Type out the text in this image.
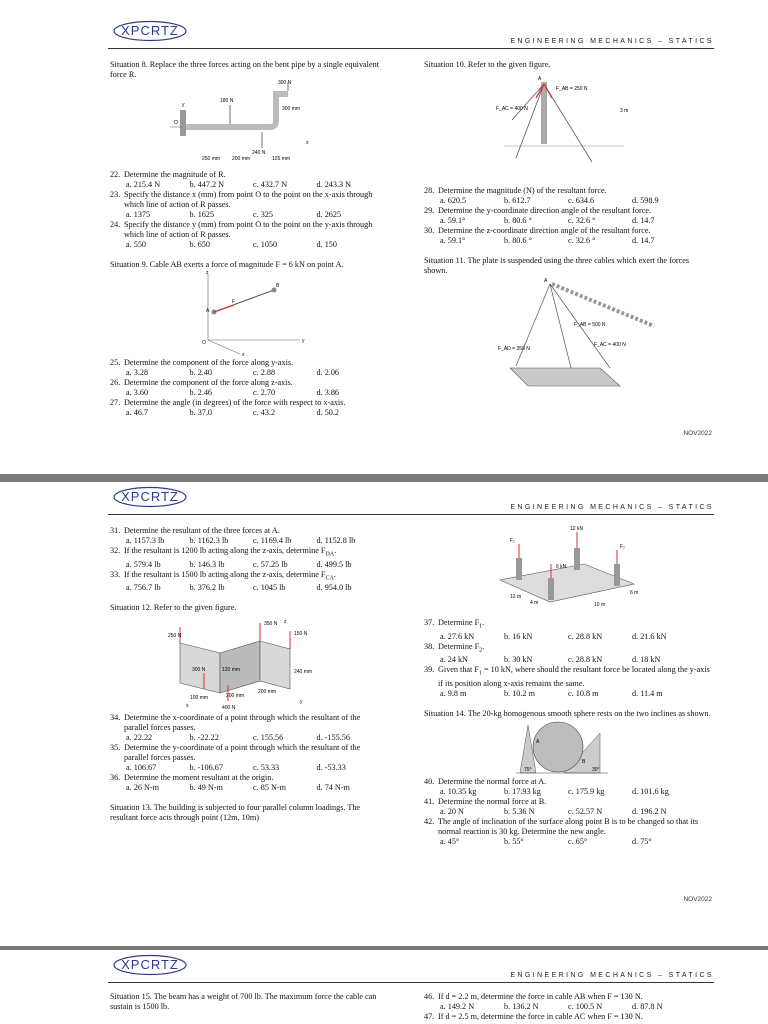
XPCRTZ
ENGINEERING MECHANICS – STATICS

Situation 8. Replace the three forces acting on the bent pipe by a single equivalent force R.

180 N
300 N
240 N
250 mm 200 mm
300 mm
125 mm
O
x
y
22. Determine the magnitude of R.
a. 215.4 N	b. 447.2 N	c. 432.7 N	d. 243.3 N
23. Specify the distance x (mm) from point O to the point on the x-axis through which line of action of R passes.
a. 1375	b. 1625	c. 325	d. 2625
24. Specify the distance y (mm) from point O to the point on the y-axis through which line of action of R passes.
a. 550	b. 650	c. 1050	d. 150

Situation 9. Cable AB exerts a force of magnitude F = 6 kN on point A.

A
B
O
F
z
x
y
25. Determine the component of the force along y-axis.
a. 3.28	b. 2.40	c. 2.88	d. 2.06
26. Determine the component of the force along z-axis.
a. 3.60	b. 2.46	c. 2.70	d. 3.86
27. Determine the angle (in degrees) of the force with respect to x-axis.
a. 46.7	b. 37.0	c. 43.2	d. 50.2

Situation 10. Refer to the given figure.

A
F_AB = 250 N
F_AC = 400 N	3 m
28. Determine the magnitude (N) of the resultant force.
a. 620.5	b. 612.7	c. 634.6	d. 598.9
29. Determine the y-coordinate direction angle of the resultant force.
a. 59.1°	b. 80.6 °	c. 32.6 °	d. 14.7
30. Determine the z-coordinate direction angle of the resultant force.
a. 59.1°	b. 80.6 °	c. 32.6 °	d. 14.7

Situation 11. The plate is suspended using the three cables which exert the forces shown.

A
F_AB = 500 N
F_AC = 400 N
F_AD = 350 N
NOV2022
XPCRTZ
ENGINEERING MECHANICS – STATICS
31. Determine the resultant of the three forces at A.
a. 1157.3 lb	b. 1162.3 lb	c. 1169.4 lb	d. 1152.8 lb
32. If the resultant is 1200 lb acting along the z-axis, determine $F_{DA}$.
a. 579.4 lb	b. 146.3 lb	c. 57.25 lb	d. 499.5 lb
33. If the resultant is 1500 lb acting along the z-axis, determine $F_{CA}$.
a. 756.7 lb	b. 376.2 lb	c. 1045 lb	d. 954.0 lb

Situation 12. Refer to the given figure.

350 N
150 N
250 N
300 N
400 N
240 mm
100 mm	200 mm
200 mm
120 mm
x
y
z
34. Determine the x-coordinate of a point through which the resultant of the parallel forces passes.
a. 22.22	b. -22.22	c. 155.56	d. -155.56
35. Determine the y-coordinate of a point through which the resultant of the parallel forces passes.
a. 106.67	b. -106.67	c. 53.33	d. -53.33
36. Determine the moment resultant at the origin.
a. 26 N-m	b. 49 N-m	c. 85 N-m	d. 74 N-m

Situation 13. The building is subjected to four parallel column loadings. The resultant force acts through point (12m, 10m)

12 kN
F₁
F₂
6 kN
12 m
4 m	10 m
6 m
37. Determine $F_1$.
a. 27.6 kN	b. 16 kN	c. 28.8 kN	d. 21.6 kN
38. Determine $F_2$.
a. 24 kN	b. 30 kN	c. 28.8 kN	d. 18 kN
39. Given that $F_1 = 10$ kN, where should the resultant force be located along the y-axis if its position along x-axis remains the same.
a. 9.8 m	b. 10.2 m	c. 10.8 m	d. 11.4 m

Situation 14. The 20-kg homogenous smooth sphere rests on the two inclines as shown.

A
B
75°	30°
40. Determine the normal force at A.
a. 10.35 kg	b. 17.93 kg	c. 175.9 kg	d. 101.6 kg
41. Determine the normal force at B.
a. 20 N	b. 5.36 N	c. 52.57 N	d. 196.2 N
42. The angle of inclination of the surface along point B is to be changed so that its normal reaction is 30 kg. Determine the new angle.
a. 45°	b. 55°	c. 65°	d. 75°
NOV2022
XPCRTZ
ENGINEERING MECHANICS – STATICS

Situation 15. The beam has a weight of 700 lb. The maximum force the cable can sustain is 1500 lb.

46. If d = 2.2 m, determine the force in cable AB when F = 130 N.
a. 149.2 N	b. 136.2 N	c. 100.5 N	d. 87.8 N
47. If d = 2.5 m, determine the force in cable AC when F = 130 N.
